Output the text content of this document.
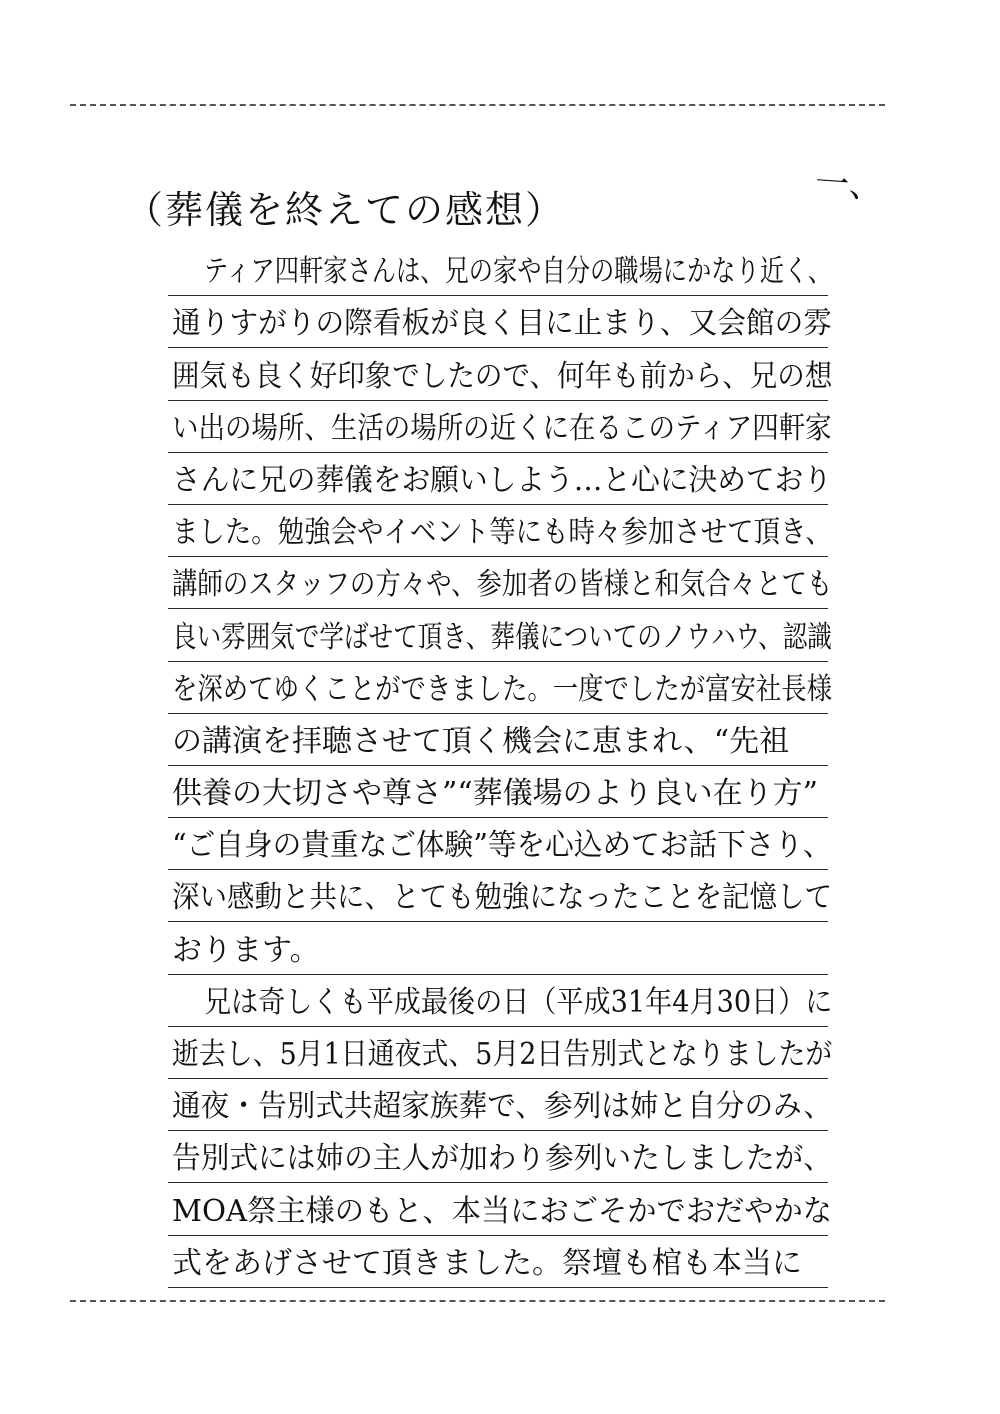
一、
（葬儀を終えての感想）
ティア四軒家さんは、兄の家や自分の職場にかなり近く、
通りすがりの際看板が良く目に止まり、又会館の雰
囲気も良く好印象でしたので、何年も前から、兄の想
い出の場所、生活の場所の近くに在るこのティア四軒家
さんに兄の葬儀をお願いしよう…と心に決めており
ました。勉強会やイベント等にも時々参加させて頂き、
講師のスタッフの方々や、参加者の皆様と和気合々とても
良い雰囲気で学ばせて頂き、葬儀についてのノウハウ、認識
を深めてゆくことができました。一度でしたが富安社長様
の講演を拝聴させて頂く機会に恵まれ、“先祖
供養の大切さや尊さ”“葬儀場のより良い在り方”
“ご自身の貴重なご体験”等を心込めてお話下さり、
深い感動と共に、とても勉強になったことを記憶して
おります。
兄は奇しくも平成最後の日（平成31年4月30日）に
逝去し、5月1日通夜式、5月2日告別式となりましたが
通夜・告別式共超家族葬で、参列は姉と自分のみ、
告別式には姉の主人が加わり参列いたしましたが、
MOA祭主様のもと、本当におごそかでおだやかな
式をあげさせて頂きました。祭壇も棺も本当に
